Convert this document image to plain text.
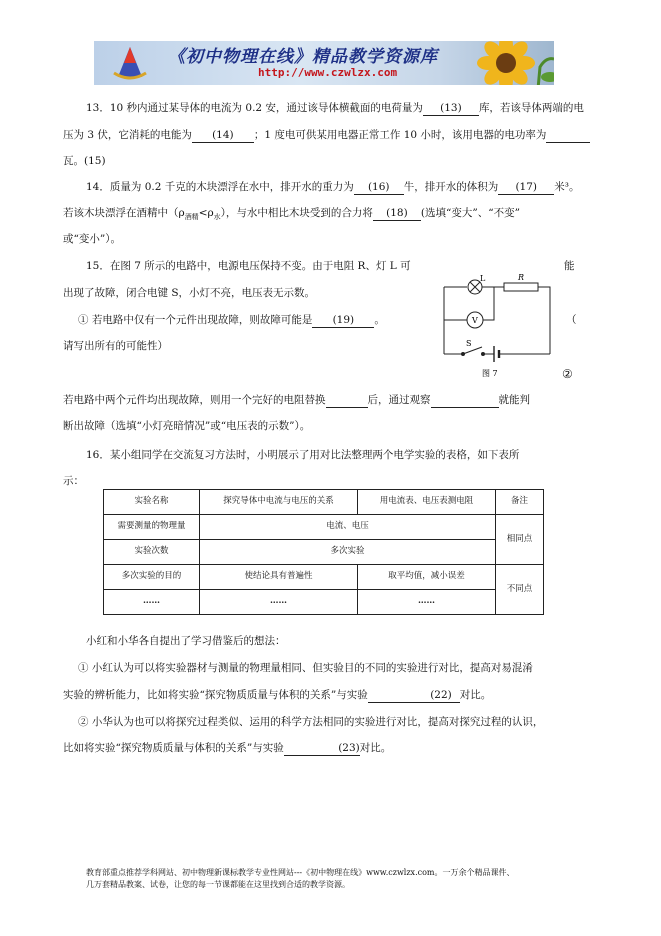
《初中物理在线》精品教学资源库
http://www.czwlzx.com
13．10 秒内通过某导体的电流为 0.2 安，通过该导体横截面的电荷量为 (13) 库，若该导体两端的电
压为 3 伏，它消耗的电能为 (14) ；1 度电可供某用电器正常工作 10 小时，该用电器的电功率为
瓦。(15)
14．质量为 0.2 千克的木块漂浮在水中，排开水的重力为 (16) 牛，排开水的体积为 (17) 米³。
若该木块漂浮在酒精中$(\rho_{酒精}<\rho_水)$，与水中相比木块受到的合力将 (18) (选填“变大”、“不变”
或“变小”）。
15．在图 7 所示的电路中，电源电压保持不变。由于电阻 R、灯 L 可	能
出现了故障，闭合电键 S，小灯不亮，电压表无示数。
① 若电路中仅有一个元件出现故障，则故障可能是 (19) 。	（
请写出所有的可能性）
②
若电路中两个元件均出现故障，则用一个完好的电阻替换	后，通过观察	就能判
断出故障（选填“小灯亮暗情况”或“电压表的示数”）。
L	R
V
S
图 7
16．某小组同学在交流复习方法时，小明展示了用对比法整理两个电学实验的表格，如下表所
示：
实验名称	探究导体中电流与电压的关系	用电流表、电压表测电阻	备注
需要测量的物理量	电流、电压		相同点
实验次数	多次实验		
多次实验的目的	使结论具有普遍性	取平均值，减小误差	不同点
……	……	……	
小红和小华各自提出了学习借鉴后的想法：
① 小红认为可以将实验器材与测量的物理量相同、但实验目的不同的实验进行对比，提高对易混淆
实验的辨析能力，比如将实验“探究物质质量与体积的关系”与实验	(22) 对比。
② 小华认为也可以将探究过程类似、运用的科学方法相同的实验进行对比，提高对探究过程的认识，
比如将实验“探究物质质量与体积的关系”与实验	(23)对比。
教育部重点推荐学科网站、初中物理新课标教学专业性网站---《初中物理在线》www.czwlzx.com。一万余个精品课件、
几万套精品教案、试卷，让您的每一节课都能在这里找到合适的教学资源。
